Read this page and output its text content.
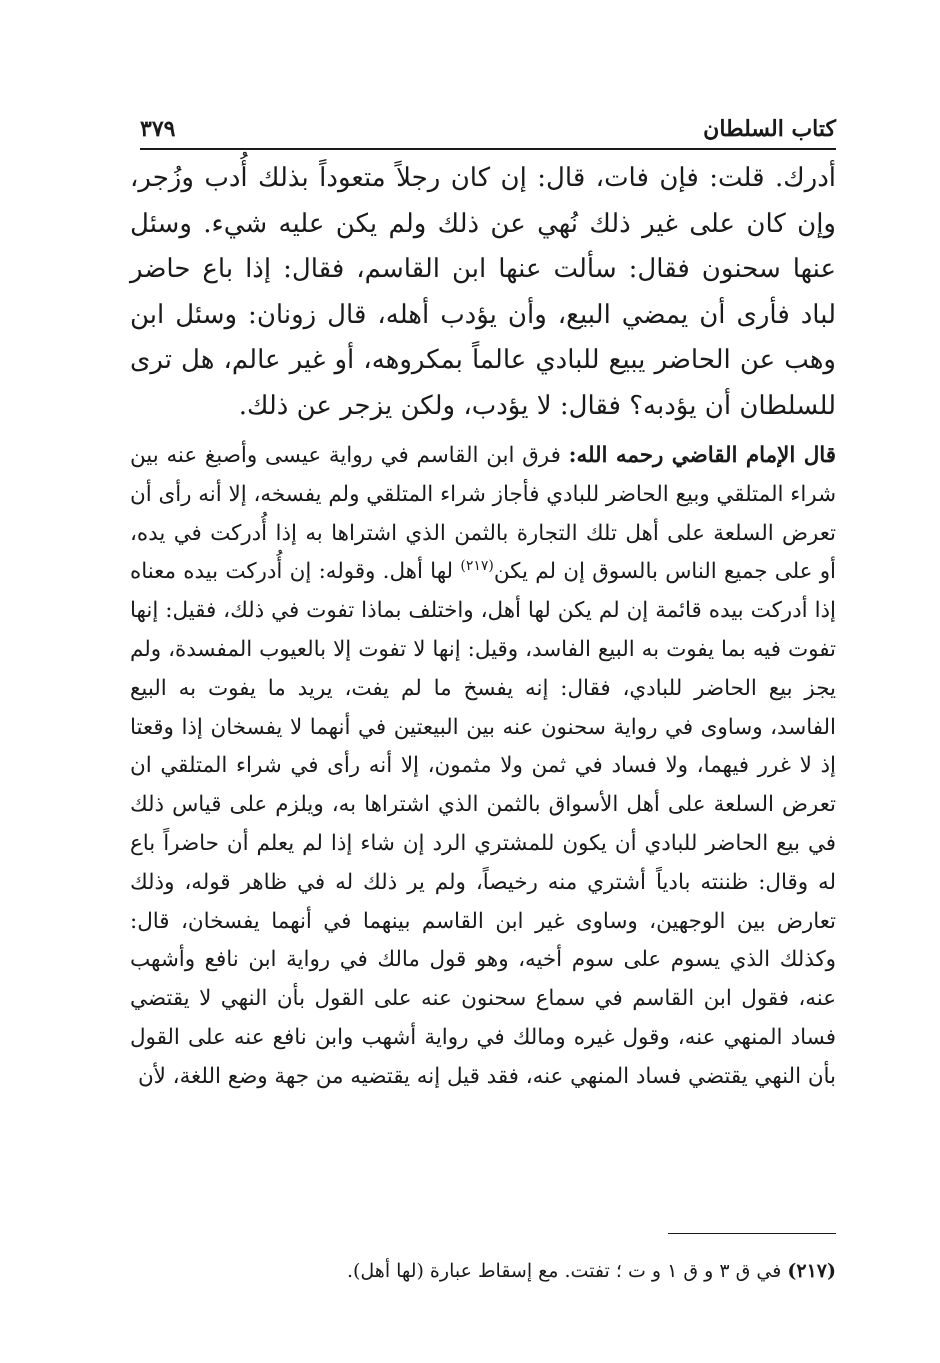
كتاب السلطان
٣٧٩

أدرك. قلت: فإن فات، قال: إن كان رجلاً متعوداً بذلك أُدب وزُجر، وإن كان على غير ذلك نُهي عن ذلك ولم يكن عليه شيء. وسئل عنها سحنون فقال: سألت عنها ابن القاسم، فقال: إذا باع حاضر لباد فأرى أن يمضي البيع، وأن يؤدب أهله، قال زونان: وسئل ابن وهب عن الحاضر يبيع للبادي عالماً بمكروهه، أو غير عالم، هل ترى للسلطان أن يؤدبه؟ فقال: لا يؤدب، ولكن يزجر عن ذلك.

قال الإمام القاضي رحمه الله: فرق ابن القاسم في رواية عيسى وأصبغ عنه بين شراء المتلقي وبيع الحاضر للبادي فأجاز شراء المتلقي ولم يفسخه، إلا أنه رأى أن تعرض السلعة على أهل تلك التجارة بالثمن الذي اشتراها به إذا أُدركت في يده، أو على جميع الناس بالسوق إن لم يكن$^{(٢١٧)}$ لها أهل. وقوله: إن أُدركت بيده معناه إذا أدركت بيده قائمة إن لم يكن لها أهل، واختلف بماذا تفوت في ذلك، فقيل: إنها تفوت فيه بما يفوت به البيع الفاسد، وقيل: إنها لا تفوت إلا بالعيوب المفسدة، ولم يجز بيع الحاضر للبادي، فقال: إنه يفسخ ما لم يفت، يريد ما يفوت به البيع الفاسد، وساوى في رواية سحنون عنه بين البيعتين في أنهما لا يفسخان إذا وقعتا إذ لا غرر فيهما، ولا فساد في ثمن ولا مثمون، إلا أنه رأى في شراء المتلقي ان تعرض السلعة على أهل الأسواق بالثمن الذي اشتراها به، ويلزم على قياس ذلك في بيع الحاضر للبادي أن يكون للمشتري الرد إن شاء إذا لم يعلم أن حاضراً باع له وقال: ظننته بادياً أشتري منه رخيصاً، ولم ير ذلك له في ظاهر قوله، وذلك تعارض بين الوجهين، وساوى غير ابن القاسم بينهما في أنهما يفسخان، قال: وكذلك الذي يسوم على سوم أخيه، وهو قول مالك في رواية ابن نافع وأشهب عنه، فقول ابن القاسم في سماع سحنون عنه على القول بأن النهي لا يقتضي فساد المنهي عنه، وقول غيره ومالك في رواية أشهب وابن نافع عنه على القول بأن النهي يقتضي فساد المنهي عنه، فقد قيل إنه يقتضيه من جهة وضع اللغة، لأن

(٢١٧) في ق ٣ و ق ١ و ت ؛ تفتت. مع إسقاط عبارة (لها أهل).
